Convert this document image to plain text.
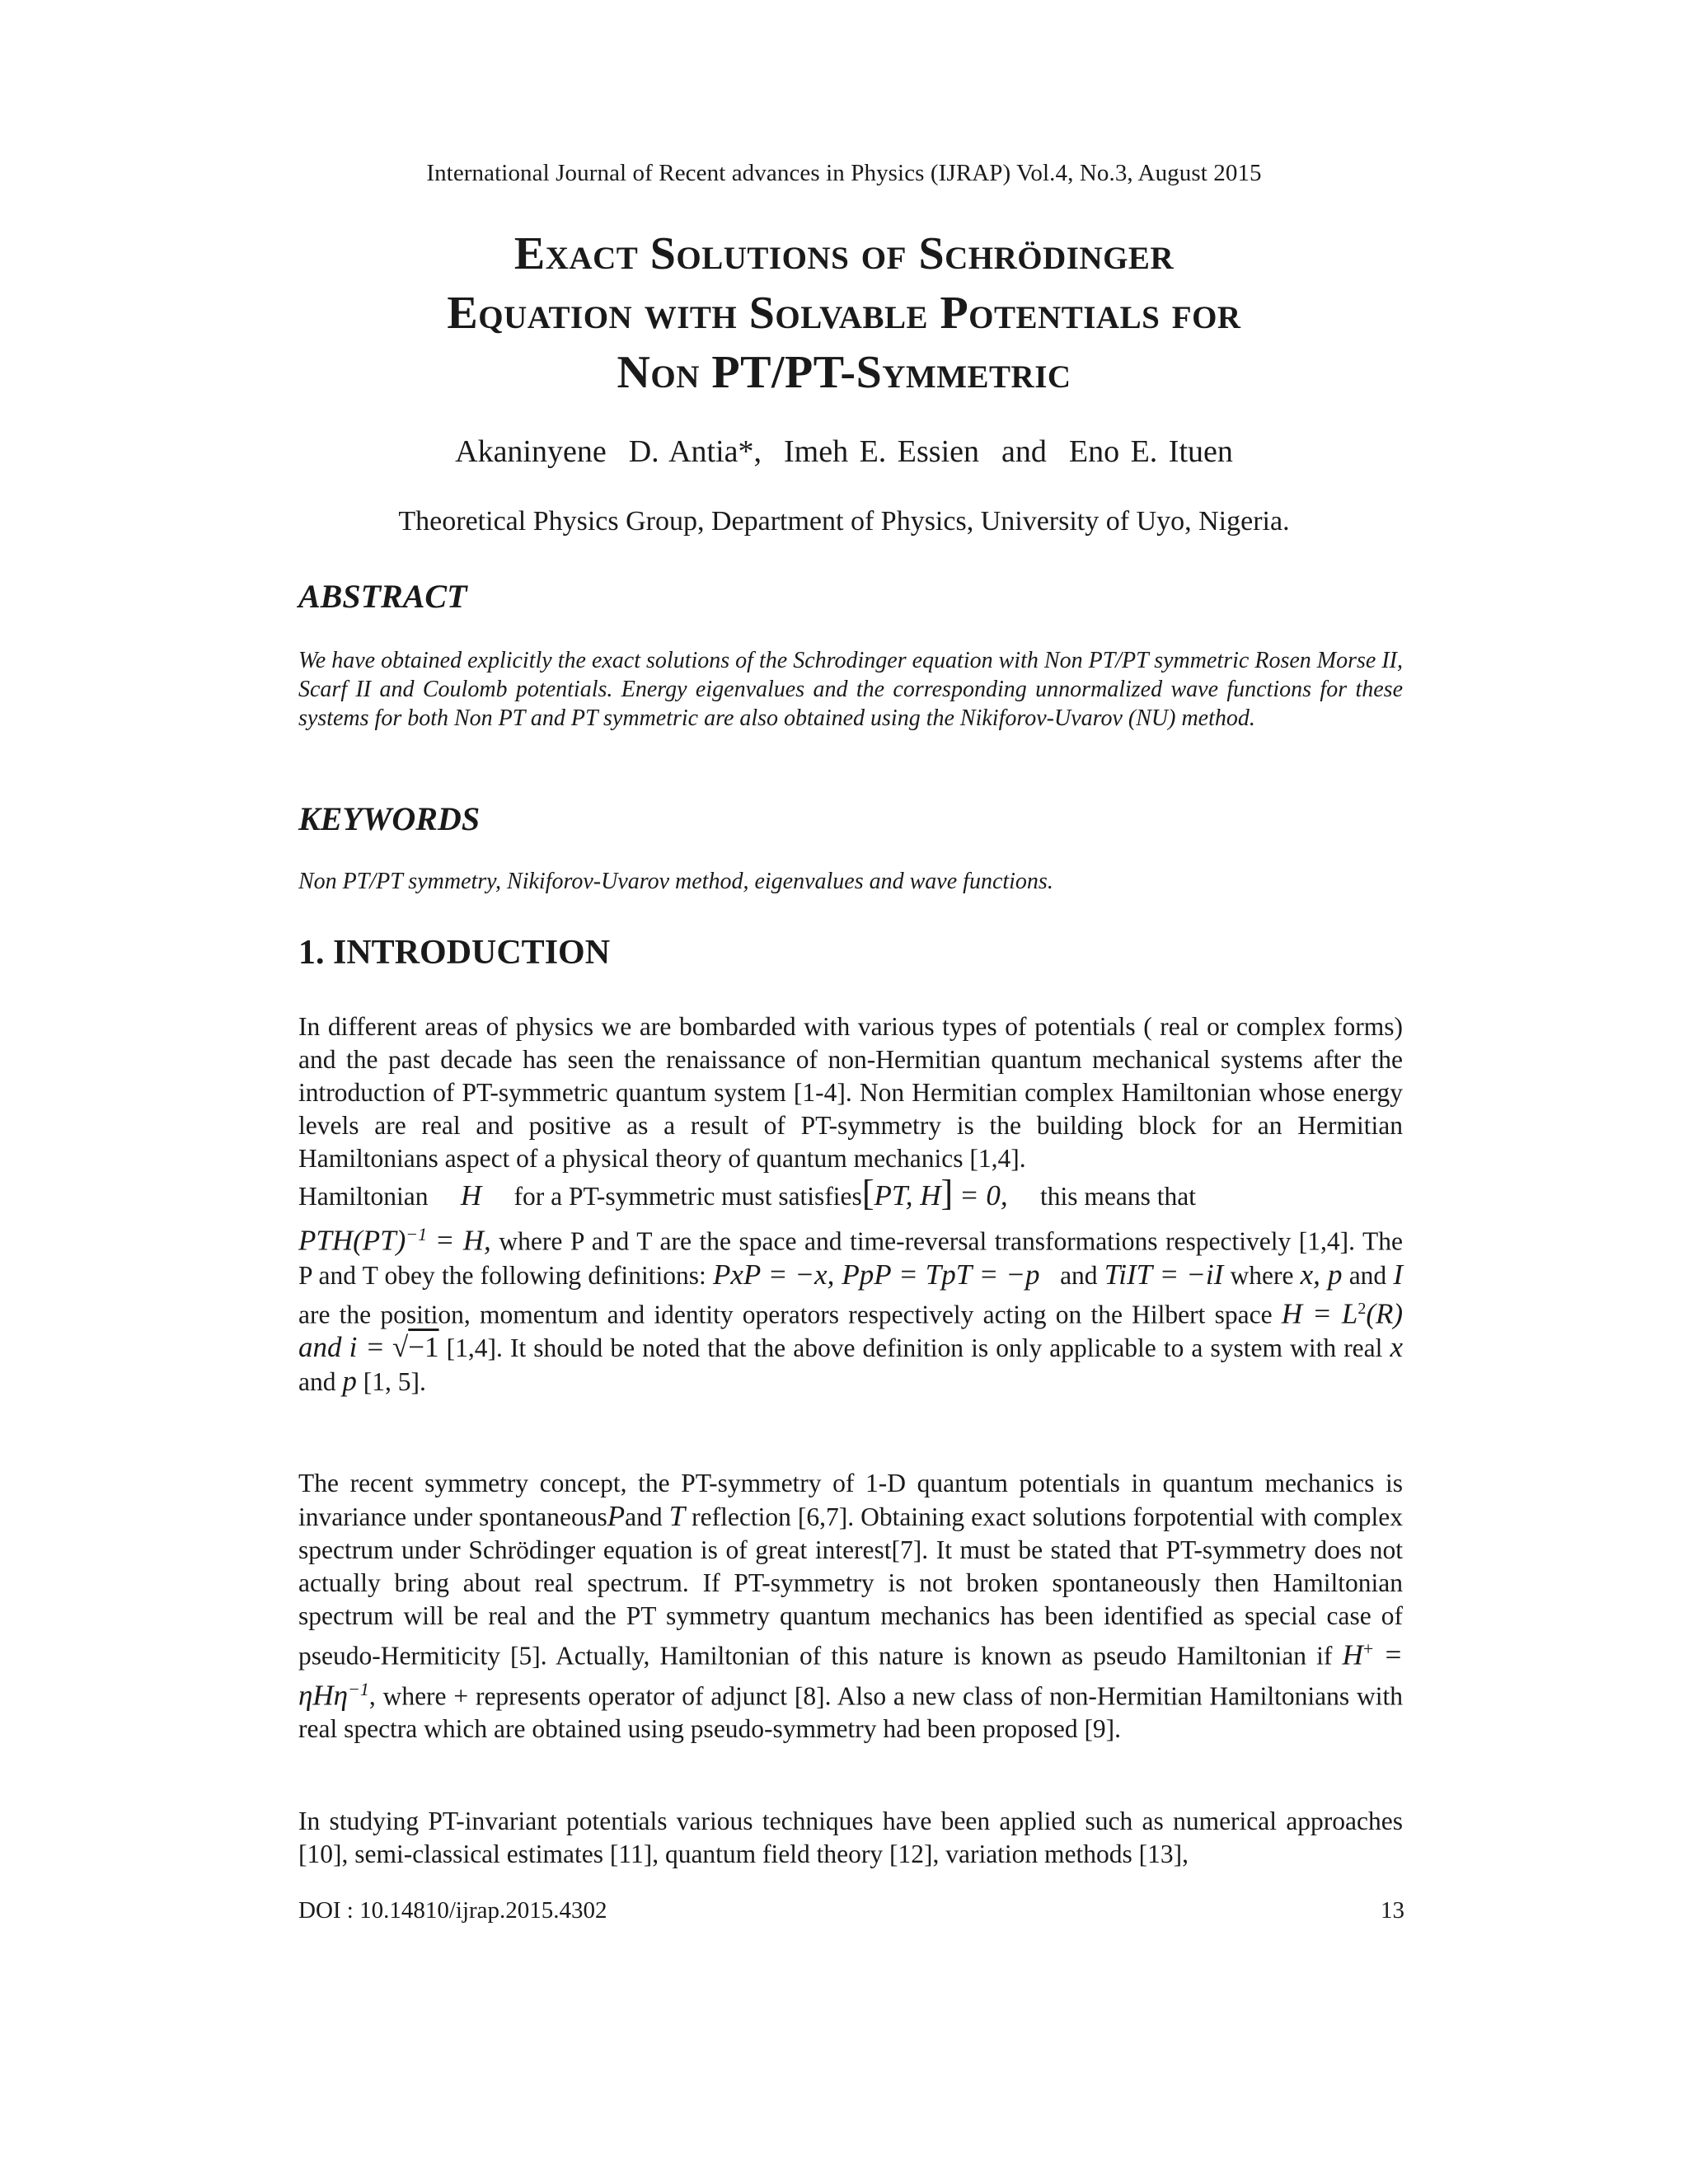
International Journal of Recent advances in Physics (IJRAP) Vol.4, No.3, August 2015
Exact Solutions of Schrödinger
Equation with Solvable Potentials for
Non PT/PT-Symmetric
Akaninyene  D. Antia*,  Imeh E. Essien  and  Eno E. Ituen
Theoretical Physics Group, Department of Physics, University of Uyo, Nigeria.
ABSTRACT
We have obtained explicitly the exact solutions of the Schrodinger equation with Non PT/PT symmetric Rosen Morse II, Scarf II and Coulomb potentials. Energy eigenvalues and the corresponding unnormalized wave functions for these systems for both Non PT and PT symmetric are also obtained using the Nikiforov-Uvarov (NU) method.
KEYWORDS
Non PT/PT symmetry, Nikiforov-Uvarov method, eigenvalues and wave functions.
1. INTRODUCTION
In different areas of physics we are bombarded with various types of potentials ( real or complex forms) and the past decade has seen the renaissance of non-Hermitian quantum mechanical systems after the introduction of PT-symmetric quantum system [1-4]. Non Hermitian complex Hamiltonian whose energy levels are real and positive as a result of PT-symmetry is the building block for an Hermitian Hamiltonians aspect of a physical theory of quantum mechanics [1,4].
Hamiltonian H for a PT-symmetric must satisfies[PT, H] = 0, this means that
PTH(PT)$^{-1}$ = H, where P and T are the space and time-reversal transformations respectively [1,4]. The P and T obey the following definitions: PxP = −x, PpP = TpT = −p and TiIT = −iI where x, p and I are the position, momentum and identity operators respectively acting on the Hilbert space $H = L^2(R)$ and i = √−1 [1,4]. It should be noted that the above definition is only applicable to a system with real x and p [1, 5].
The recent symmetry concept, the PT-symmetry of 1-D quantum potentials in quantum mechanics is invariance under spontaneousPand T reflection [6,7]. Obtaining exact solutions forpotential with complex spectrum under Schrödinger equation is of great interest[7]. It must be stated that PT-symmetry does not actually bring about real spectrum. If PT-symmetry is not broken spontaneously then Hamiltonian spectrum will be real and the PT symmetry quantum mechanics has been identified as special case of pseudo-Hermiticity [5]. Actually, Hamiltonian of this nature is known as pseudo Hamiltonian if H+ = ηHη$^{-1}$, where + represents operator of adjunct [8]. Also a new class of non-Hermitian Hamiltonians with real spectra which are obtained using pseudo-symmetry had been proposed [9].
In studying PT-invariant potentials various techniques have been applied such as numerical approaches [10], semi-classical estimates [11], quantum field theory [12], variation methods [13],
DOI : 10.14810/ijrap.2015.4302	13
